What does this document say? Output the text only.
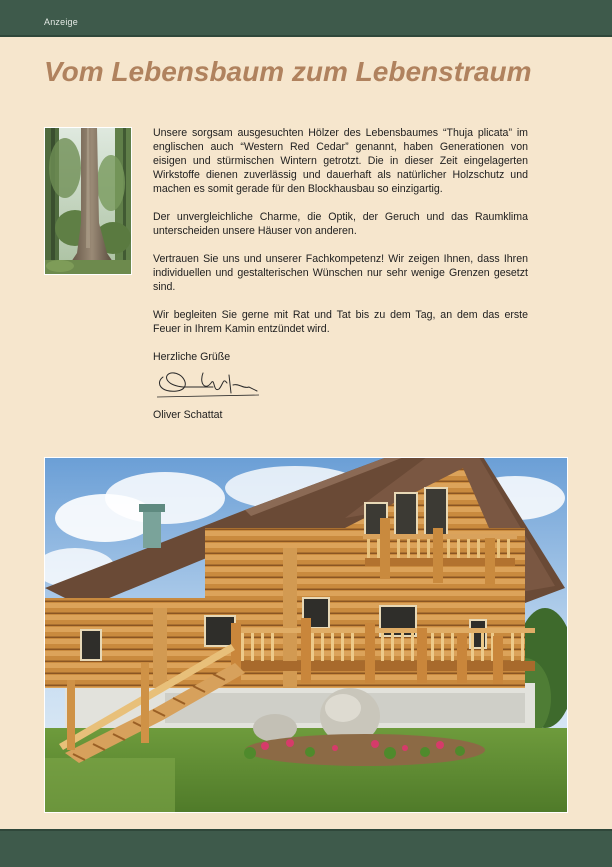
Anzeige
Vom Lebensbaum zum Lebenstraum

Unsere sorgsam ausgesuchten Hölzer des Lebensbaumes “Thuja plicata” im englischen auch “Western Red Cedar” genannt, haben Generationen von eisigen und stürmischen Wintern getrotzt. Die in dieser Zeit eingelagerten Wirkstoffe dienen zuverlässig und dauerhaft als natürlicher Holzschutz und machen es somit gerade für den Blockhausbau so einzigartig.

Der unvergleichliche Charme, die Optik, der Geruch und das Raumklima unterscheiden unsere Häuser von anderen.

Vertrauen Sie uns und unserer Fachkompetenz! Wir zeigen Ihnen, dass Ihren individuellen und gestalterischen Wünschen nur sehr wenige Grenzen gesetzt sind.

Wir begleiten Sie gerne mit Rat und Tat bis zu dem Tag, an dem das erste Feuer in Ihrem Kamin entzündet wird.

Herzliche Grüße

Oliver Schattat
